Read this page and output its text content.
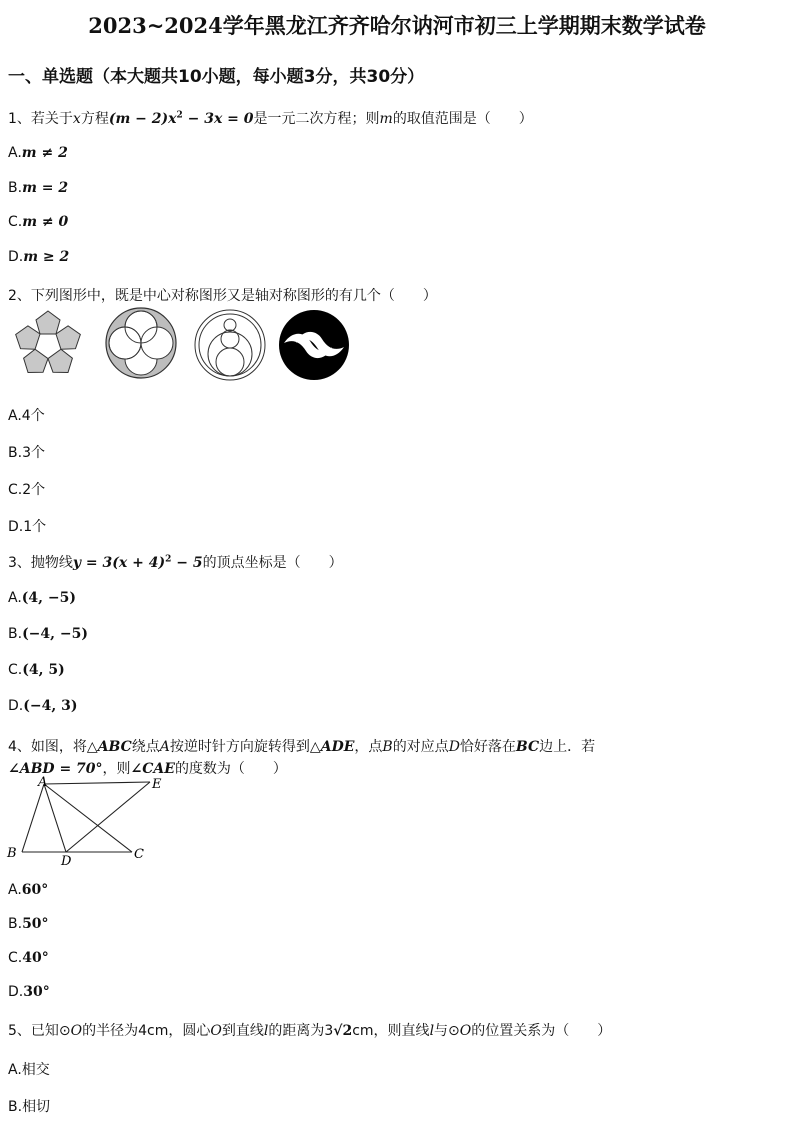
2023~2024学年黑龙江齐齐哈尔讷河市初三上学期期末数学试卷
一、单选题（本大题共10小题，每小题3分，共30分）
1、若关于x方程$(m - 2)x^2 - 3x = 0$是一元二次方程；则m的取值范围是（　　）
A.m ≠ 2
B.m = 2
C.m ≠ 0
D.m ≥ 2
2、下列图形中，既是中心对称图形又是轴对称图形的有几个（　　）
A.4个
B.3个
C.2个
D.1个
3、抛物线$y = 3(x + 4)^2 - 5$的顶点坐标是（　　）
A.(4, −5)
B.(−4, −5)
C.(4, 5)
D.(−4, 3)
4、如图，将△ABC绕点A按逆时针方向旋转得到△ADE，点B的对应点D恰好落在BC边上．若
∠ABD = 70°，则∠CAE的度数为（　　）
A
B	C
D
E
A.60°
B.50°
C.40°
D.30°
5、已知⊙O的半径为4cm，圆心O到直线l的距离为3√2cm，则直线l与⊙O的位置关系为（　　）
A.相交
B.相切
